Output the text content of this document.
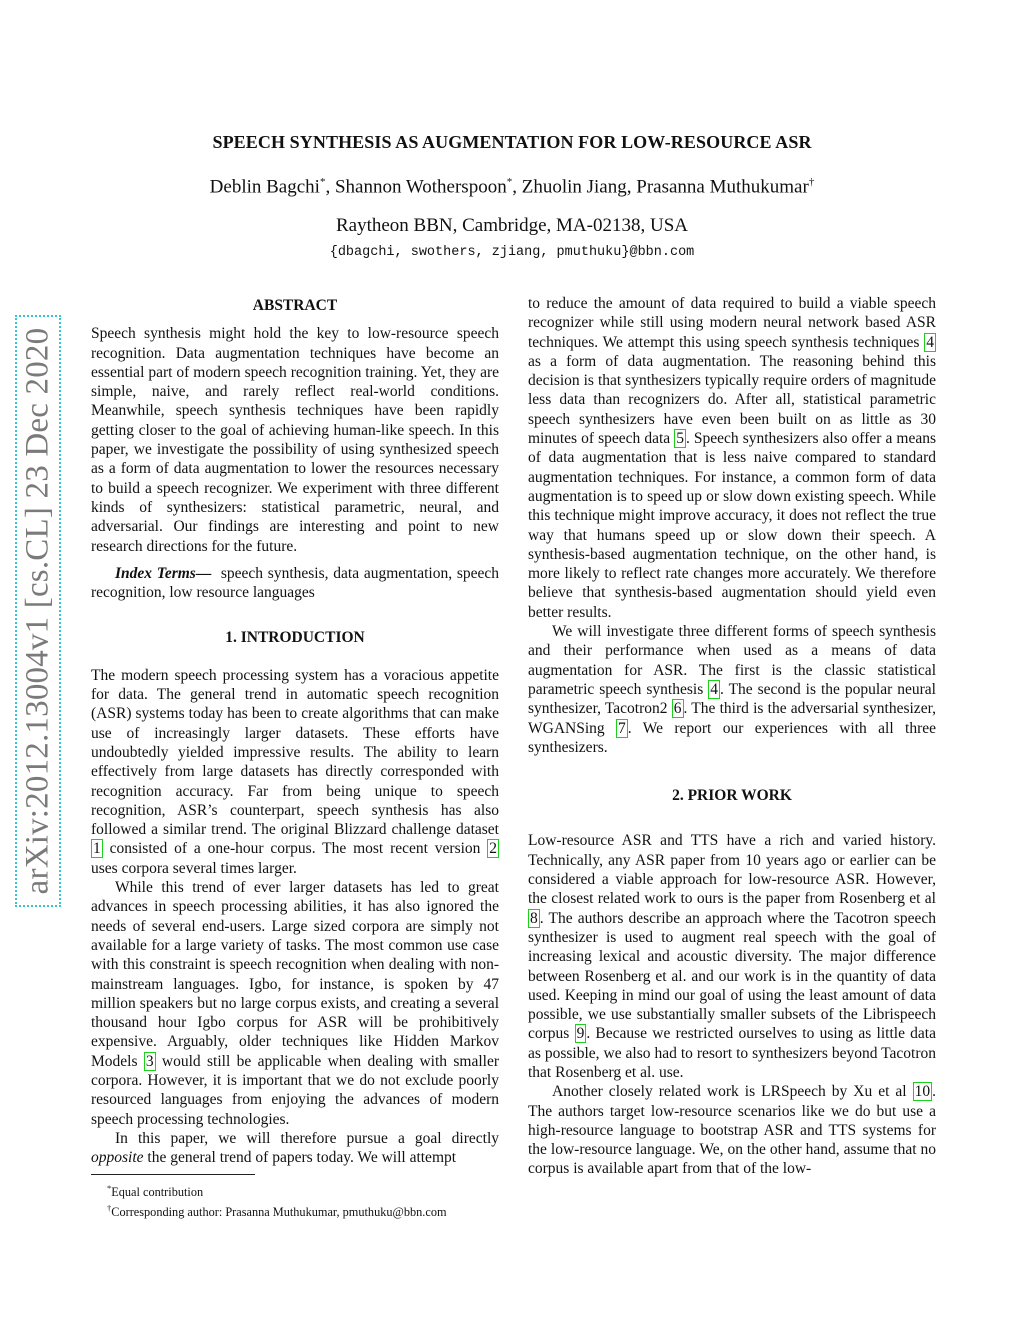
arXiv:2012.13004v1 [cs.CL] 23 Dec 2020
SPEECH SYNTHESIS AS AUGMENTATION FOR LOW-RESOURCE ASR
Deblin Bagchi*, Shannon Wotherspoon*, Zhuolin Jiang, Prasanna Muthukumar†
Raytheon BBN, Cambridge, MA-02138, USA
{dbagchi, swothers, zjiang, pmuthuku}@bbn.com
ABSTRACT

Speech synthesis might hold the key to low-resource speech recognition. Data augmentation techniques have become an essential part of modern speech recognition training. Yet, they are simple, naive, and rarely reflect real-world conditions. Meanwhile, speech synthesis techniques have been rapidly getting closer to the goal of achieving human-like speech. In this paper, we investigate the possibility of using synthesized speech as a form of data augmentation to lower the resources necessary to build a speech recognizer. We experiment with three different kinds of synthesizers: statistical parametric, neural, and adversarial. Our findings are interesting and point to new research directions for the future.

Index Terms— speech synthesis, data augmentation, speech recognition, low resource languages

1. INTRODUCTION

The modern speech processing system has a voracious appetite for data. The general trend in automatic speech recognition (ASR) systems today has been to create algorithms that can make use of increasingly larger datasets. These efforts have undoubtedly yielded impressive results. The ability to learn effectively from large datasets has directly corresponded with recognition accuracy. Far from being unique to speech recognition, ASR’s counterpart, speech synthesis has also followed a similar trend. The original Blizzard challenge dataset 1 consisted of a one-hour corpus. The most recent version 2 uses corpora several times larger.

While this trend of ever larger datasets has led to great advances in speech processing abilities, it has also ignored the needs of several end-users. Large sized corpora are simply not available for a large variety of tasks. The most common use case with this constraint is speech recognition when dealing with non-mainstream languages. Igbo, for instance, is spoken by 47 million speakers but no large corpus exists, and creating a several thousand hour Igbo corpus for ASR will be prohibitively expensive. Arguably, older techniques like Hidden Markov Models 3 would still be applicable when dealing with smaller corpora. However, it is important that we do not exclude poorly resourced languages from enjoying the advances of modern speech processing technologies.

In this paper, we will therefore pursue a goal directly opposite the general trend of papers today. We will attempt

to reduce the amount of data required to build a viable speech recognizer while still using modern neural network based ASR techniques. We attempt this using speech synthesis techniques 4 as a form of data augmentation. The reasoning behind this decision is that synthesizers typically require orders of magnitude less data than recognizers do. After all, statistical parametric speech synthesizers have even been built on as little as 30 minutes of speech data 5 . Speech synthesizers also offer a means of data augmentation that is less naive compared to standard augmentation techniques. For instance, a common form of data augmentation is to speed up or slow down existing speech. While this technique might improve accuracy, it does not reflect the true way that humans speed up or slow down their speech. A synthesis-based augmentation technique, on the other hand, is more likely to reflect rate changes more accurately. We therefore believe that synthesis-based augmentation should yield even better results.

We will investigate three different forms of speech synthesis and their performance when used as a means of data augmentation for ASR. The first is the classic statistical parametric speech synthesis 4 . The second is the popular neural synthesizer, Tacotron2 6 . The third is the adversarial synthesizer, WGANSing 7 . We report our experiences with all three synthesizers.

2. PRIOR WORK

Low-resource ASR and TTS have a rich and varied history. Technically, any ASR paper from 10 years ago or earlier can be considered a viable approach for low-resource ASR. However, the closest related work to ours is the paper from Rosenberg et al 8 . The authors describe an approach where the Tacotron speech synthesizer is used to augment real speech with the goal of increasing lexical and acoustic diversity. The major difference between Rosenberg et al. and our work is in the quantity of data used. Keeping in mind our goal of using the least amount of data possible, we use substantially smaller subsets of the Librispeech corpus 9 . Because we restricted ourselves to using as little data as possible, we also had to resort to synthesizers beyond Tacotron that Rosenberg et al. use.

Another closely related work is LRSpeech by Xu et al 10 . The authors target low-resource scenarios like we do but use a high-resource language to bootstrap ASR and TTS systems for the low-resource language. We, on the other hand, assume that no corpus is available apart from that of the low-

*Equal contribution

†Corresponding author: Prasanna Muthukumar, pmuthuku@bbn.com
